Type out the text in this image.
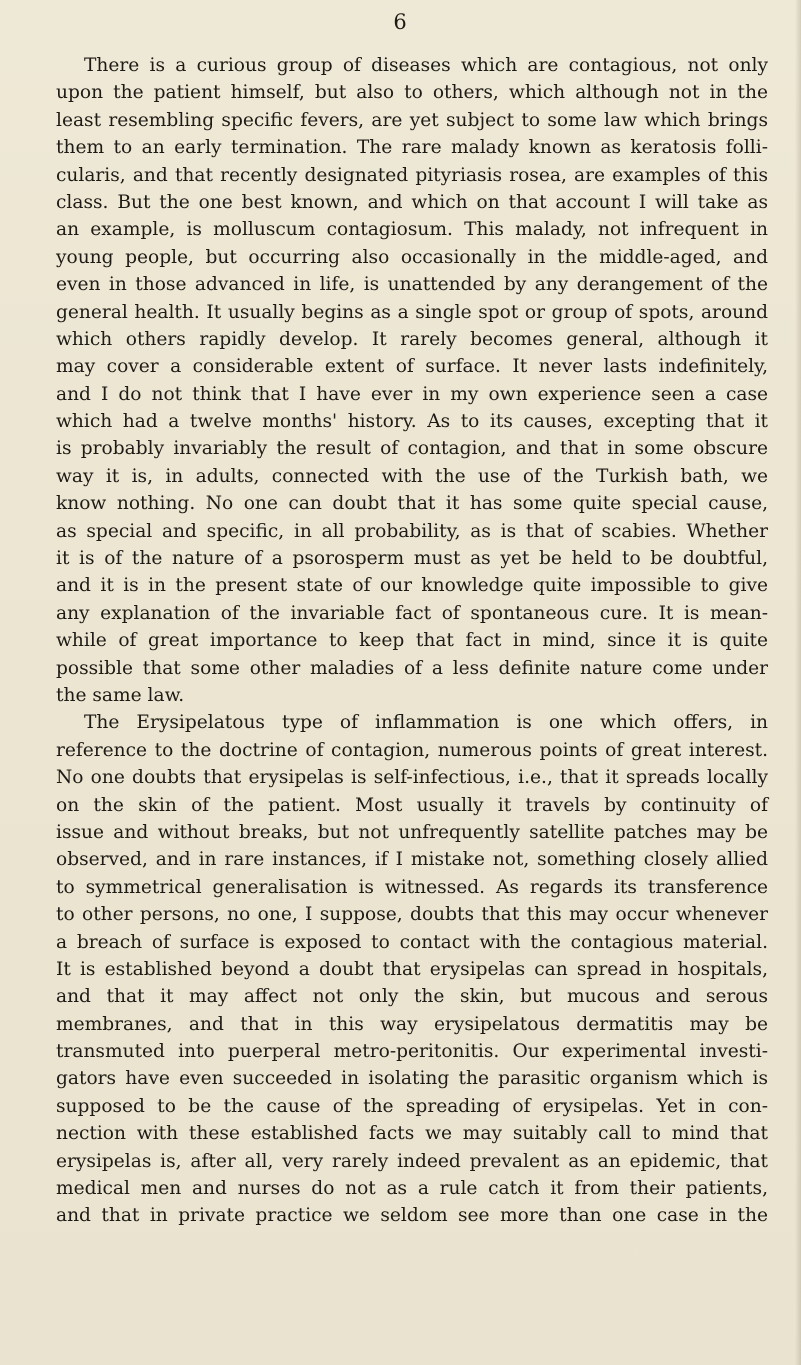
6
There is a curious group of diseases which are contagious, not only
upon the patient himself, but also to others, which although not in the
least resembling specific fevers, are yet subject to some law which brings
them to an early termination. The rare malady known as keratosis folli-
cularis, and that recently designated pityriasis rosea, are examples of this
class. But the one best known, and which on that account I will take as
an example, is molluscum contagiosum. This malady, not infrequent in
young people, but occurring also occasionally in the middle-aged, and
even in those advanced in life, is unattended by any derangement of the
general health. It usually begins as a single spot or group of spots, around
which others rapidly develop. It rarely becomes general, although it
may cover a considerable extent of surface. It never lasts indefinitely,
and I do not think that I have ever in my own experience seen a case
which had a twelve months' history. As to its causes, excepting that it
is probably invariably the result of contagion, and that in some obscure
way it is, in adults, connected with the use of the Turkish bath, we
know nothing. No one can doubt that it has some quite special cause,
as special and specific, in all probability, as is that of scabies. Whether
it is of the nature of a psorosperm must as yet be held to be doubtful,
and it is in the present state of our knowledge quite impossible to give
any explanation of the invariable fact of spontaneous cure. It is mean-
while of great importance to keep that fact in mind, since it is quite
possible that some other maladies of a less definite nature come under
the same law.
The Erysipelatous type of inflammation is one which offers, in
reference to the doctrine of contagion, numerous points of great interest.
No one doubts that erysipelas is self-infectious, i.e., that it spreads locally
on the skin of the patient. Most usually it travels by continuity of
issue and without breaks, but not unfrequently satellite patches may be
observed, and in rare instances, if I mistake not, something closely allied
to symmetrical generalisation is witnessed. As regards its transference
to other persons, no one, I suppose, doubts that this may occur whenever
a breach of surface is exposed to contact with the contagious material.
It is established beyond a doubt that erysipelas can spread in hospitals,
and that it may affect not only the skin, but mucous and serous
membranes, and that in this way erysipelatous dermatitis may be
transmuted into puerperal metro-peritonitis. Our experimental investi-
gators have even succeeded in isolating the parasitic organism which is
supposed to be the cause of the spreading of erysipelas. Yet in con-
nection with these established facts we may suitably call to mind that
erysipelas is, after all, very rarely indeed prevalent as an epidemic, that
medical men and nurses do not as a rule catch it from their patients,
and that in private practice we seldom see more than one case in the
